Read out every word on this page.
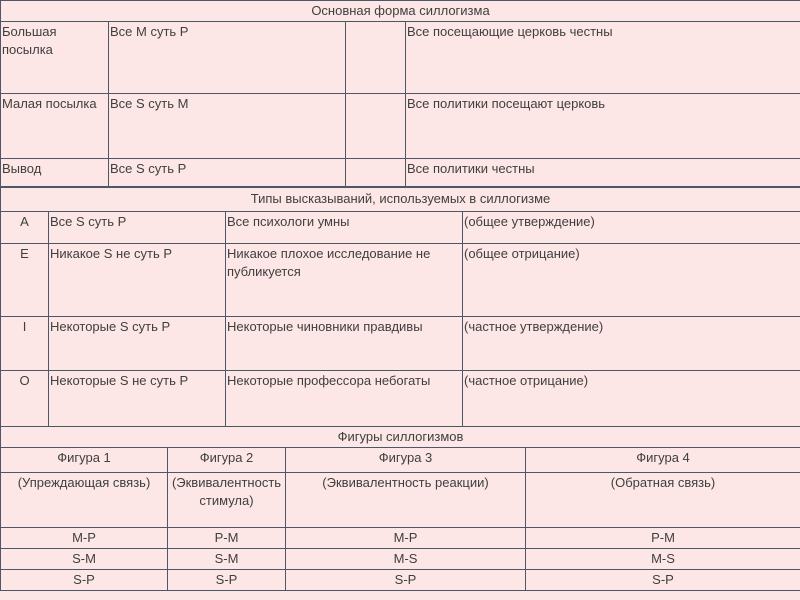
Основная форма силлогизма			
Большая посылка	Все М суть Р		Все посещающие церковь честны
Малая посылка	Все S суть М		Все политики посещают церковь
Вывод	Все S суть Р		Все политики честны
Типы высказываний, используемых в силлогизме			
A	Все S суть Р	Все психологи умны	(общее утверждение)
E	Никакое S не суть Р	Никакое плохое исследование не публикуется	(общее отрицание)
I	Некоторые S суть Р	Некоторые чиновники правдивы	(частное утверждение)
O	Некоторые S не суть Р	Некоторые профессора небогаты	(частное отрицание)
Фигуры силлогизмов			
Фигура 1	Фигура 2	Фигура 3	Фигура 4
(Упреждающая связь)	(Эквивалентность стимула)	(Эквивалентность реакции)	(Обратная связь)
M-P	P-M	M-P	P-M
S-M	S-M	M-S	M-S
S-P	S-P	S-P	S-P
